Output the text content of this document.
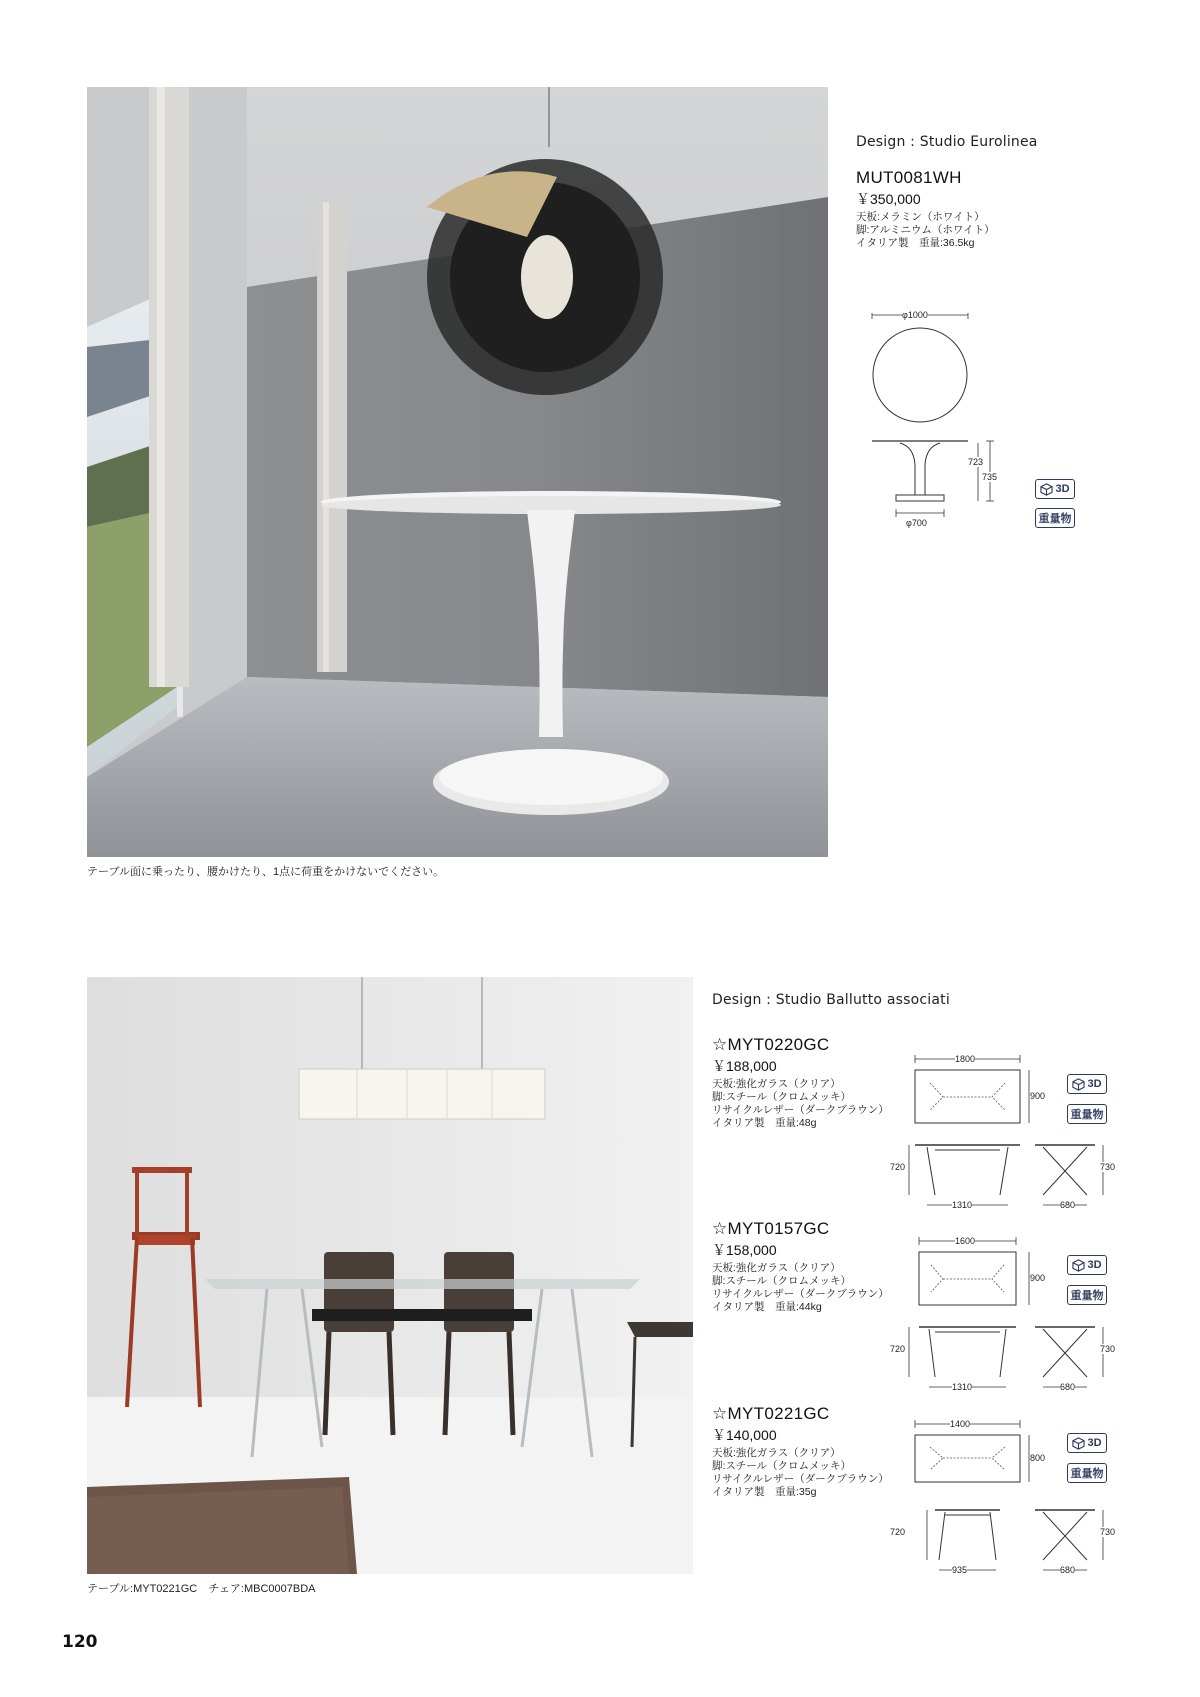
テーブル面に乗ったり、腰かけたり、1点に荷重をかけないでください。
Design : Studio Eurolinea
MUT0081WH
￥350,000
天板:メラミン（ホワイト）
脚:アルミニウム（ホワイト）
イタリア製　重量:36.5kg
φ1000
723
735
φ700
3D
重量物
テーブル:MYT0221GC　チェア:MBC0007BDA
Design : Studio Ballutto associati
☆MYT0220GC
￥188,000
天板:強化ガラス（クリア）
脚:スチール（クロムメッキ）
リサイクルレザー（ダークブラウン）
イタリア製　重量:48g
1800
900
720	730
1310	680
3D
重量物
☆MYT0157GC
￥158,000
天板:強化ガラス（クリア）
脚:スチール（クロムメッキ）
リサイクルレザー（ダークブラウン）
イタリア製　重量:44kg
1600
900
720	730
1310	680
3D
重量物
☆MYT0221GC
￥140,000
天板:強化ガラス（クリア）
脚:スチール（クロムメッキ）
リサイクルレザー（ダークブラウン）
イタリア製　重量:35g
1400
800
720	730
935	680
3D
重量物
120
